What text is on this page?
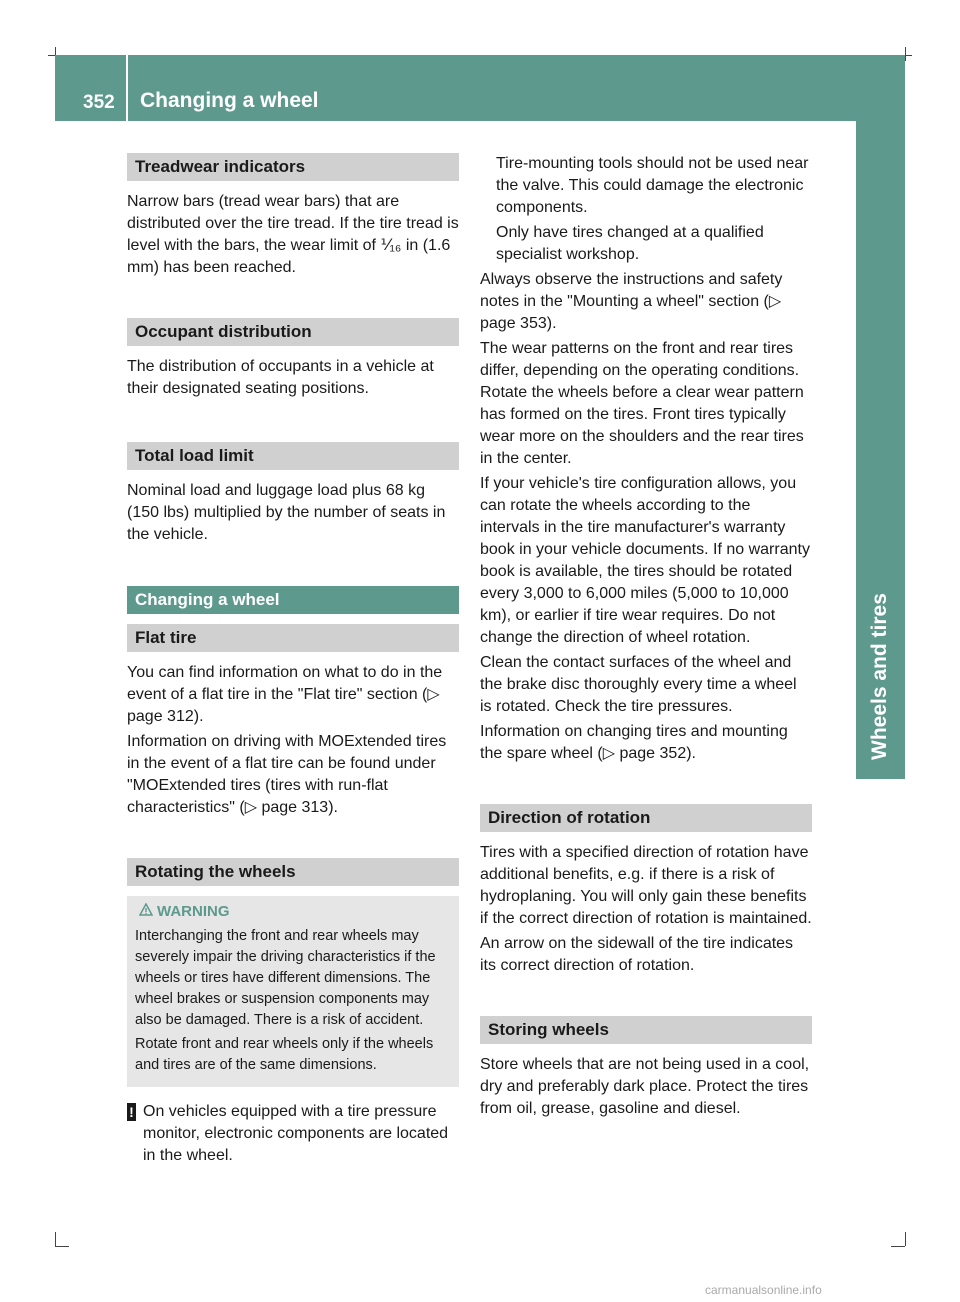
352 Changing a wheel
Wheels and tires
Treadwear indicators
Narrow bars (tread wear bars) that are distributed over the tire tread. If the tire tread is level with the bars, the wear limit of ⅟₁₆ in (1.6 mm) has been reached.
Occupant distribution
The distribution of occupants in a vehicle at their designated seating positions.
Total load limit
Nominal load and luggage load plus 68 kg (150 lbs) multiplied by the number of seats in the vehicle.
Changing a wheel
Flat tire
You can find information on what to do in the event of a flat tire in the "Flat tire" section (▷ page 312).
Information on driving with MOExtended tires in the event of a flat tire can be found under "MOExtended tires (tires with run-flat characteristics" (▷ page 313).
Rotating the wheels
WARNING
Interchanging the front and rear wheels may severely impair the driving characteristics if the wheels or tires have different dimensions. The wheel brakes or suspension components may also be damaged. There is a risk of accident.
Rotate front and rear wheels only if the wheels and tires are of the same dimensions.
! On vehicles equipped with a tire pressure monitor, electronic components are located in the wheel.
Tire-mounting tools should not be used near the valve. This could damage the electronic components.
Only have tires changed at a qualified specialist workshop.
Always observe the instructions and safety notes in the "Mounting a wheel" section (▷ page 353).
The wear patterns on the front and rear tires differ, depending on the operating conditions. Rotate the wheels before a clear wear pattern has formed on the tires. Front tires typically wear more on the shoulders and the rear tires in the center.
If your vehicle's tire configuration allows, you can rotate the wheels according to the intervals in the tire manufacturer's warranty book in your vehicle documents. If no warranty book is available, the tires should be rotated every 3,000 to 6,000 miles (5,000 to 10,000 km), or earlier if tire wear requires. Do not change the direction of wheel rotation.
Clean the contact surfaces of the wheel and the brake disc thoroughly every time a wheel is rotated. Check the tire pressures.
Information on changing tires and mounting the spare wheel (▷ page 352).
Direction of rotation
Tires with a specified direction of rotation have additional benefits, e.g. if there is a risk of hydroplaning. You will only gain these benefits if the correct direction of rotation is maintained.
An arrow on the sidewall of the tire indicates its correct direction of rotation.
Storing wheels
Store wheels that are not being used in a cool, dry and preferably dark place. Protect the tires from oil, grease, gasoline and diesel.
carmanualsonline.info
